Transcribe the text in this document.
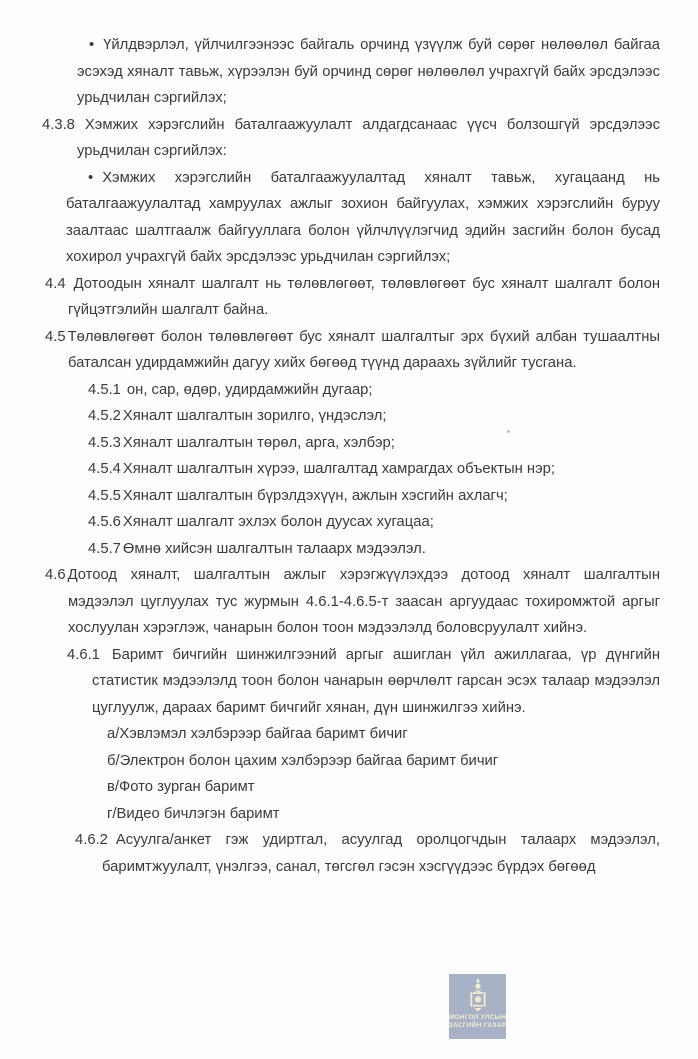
• Үйлдвэрлэл, үйлчилгээнээс байгаль орчинд үзүүлж буй сөрөг нөлөөлөл байгаа эсэхэд хяналт тавьж, хүрээлэн буй орчинд сөрөг нөлөөлөл учрахгүй байх эрсдэлээс урьдчилан сэргийлэх;

4.3.8 Хэмжих хэрэгслийн баталгаажуулалт алдагдсанаас үүсч болзошгүй эрсдэлээс урьдчилан сэргийлэх:

• Хэмжих хэрэгслийн баталгаажуулалтад хяналт тавьж, хугацаанд нь баталгаажуулалтад хамруулах ажлыг зохион байгуулах, хэмжих хэрэгслийн буруу заалтаас шалтгаалж байгууллага болон үйлчлүүлэгчид эдийн засгийн болон бусад хохирол учрахгүй байх эрсдэлээс урьдчилан сэргийлэх;

4.4 Дотоодын хяналт шалгалт нь төлөвлөгөөт, төлөвлөгөөт бус хяналт шалгалт болон гүйцэтгэлийн шалгалт байна.

4.5 Төлөвлөгөөт болон төлөвлөгөөт бус хяналт шалгалтыг эрх бүхий албан тушаалтны баталсан удирдамжийн дагуу хийх бөгөөд түүнд дараахь зүйлийг тусгана.

4.5.1 он, сар, өдөр, удирдамжийн дугаар;

4.5.2 Хяналт шалгалтын зорилго, үндэслэл;

4.5.3 Хяналт шалгалтын төрөл, арга, хэлбэр;

4.5.4 Хяналт шалгалтын хүрээ, шалгалтад хамрагдах объектын нэр;

4.5.5 Хяналт шалгалтын бүрэлдэхүүн, ажлын хэсгийн ахлагч;

4.5.6 Хяналт шалгалт эхлэх болон дуусах хугацаа;

4.5.7 Өмнө хийсэн шалгалтын талаарх мэдээлэл.

4.6 Дотоод хяналт, шалгалтын ажлыг хэрэгжүүлэхдээ дотоод хяналт шалгалтын мэдээлэл цуглуулах тус журмын 4.6.1-4.6.5-т заасан аргуудаас тохиромжтой аргыг хослуулан хэрэглэж, чанарын болон тоон мэдээлэлд боловсруулалт хийнэ.

4.6.1 Баримт бичгийн шинжилгээний аргыг ашиглан үйл ажиллагаа, үр дүнгийн статистик мэдээлэлд тоон болон чанарын өөрчлөлт гарсан эсэх талаар мэдээлэл цуглуулж, дараах баримт бичгийг хянан, дүн шинжилгээ хийнэ.

а/Хэвлэмэл хэлбэрээр байгаа баримт бичиг

б/Электрон болон цахим хэлбэрээр байгаа баримт бичиг

в/Фото зурган баримт

г/Видео бичлэгэн баримт

4.6.2 Асуулга/анкет гэж удиртгал, асуулгад оролцогчдын талаарх мэдээлэл, баримтжуулалт, үнэлгээ, санал, төгсгөл гэсэн хэсгүүдээс бүрдэх бөгөөд

МОНГОЛ УЛСЫН
ЗАСГИЙН ГАЗАР
